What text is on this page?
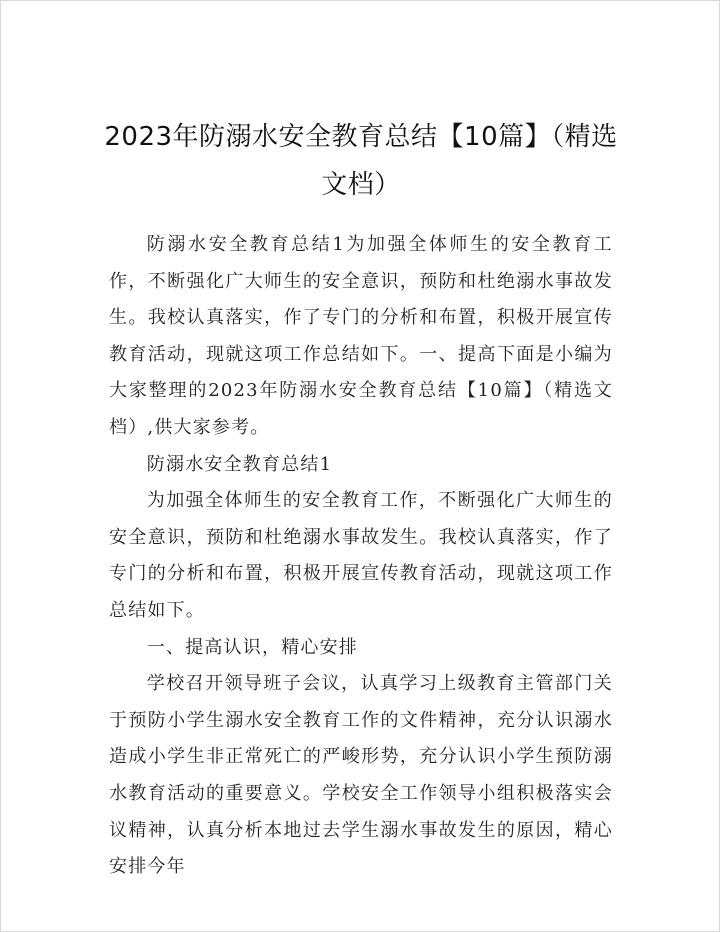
2023年防溺水安全教育总结【10篇】（精选文档）

防溺水安全教育总结1为加强全体师生的安全教育工作，不断强化广大师生的安全意识，预防和杜绝溺水事故发生。我校认真落实，作了专门的分析和布置，积极开展宣传教育活动，现就这项工作总结如下。一、提高下面是小编为大家整理的2023年防溺水安全教育总结【10篇】（精选文档）,供大家参考。

防溺水安全教育总结1

为加强全体师生的安全教育工作，不断强化广大师生的安全意识，预防和杜绝溺水事故发生。我校认真落实，作了专门的分析和布置，积极开展宣传教育活动，现就这项工作总结如下。

一、提高认识，精心安排

学校召开领导班子会议，认真学习上级教育主管部门关于预防小学生溺水安全教育工作的文件精神，充分认识溺水造成小学生非正常死亡的严峻形势，充分认识小学生预防溺水教育活动的重要意义。学校安全工作领导小组积极落实会议精神，认真分析本地过去学生溺水事故发生的原因，精心安排今年
